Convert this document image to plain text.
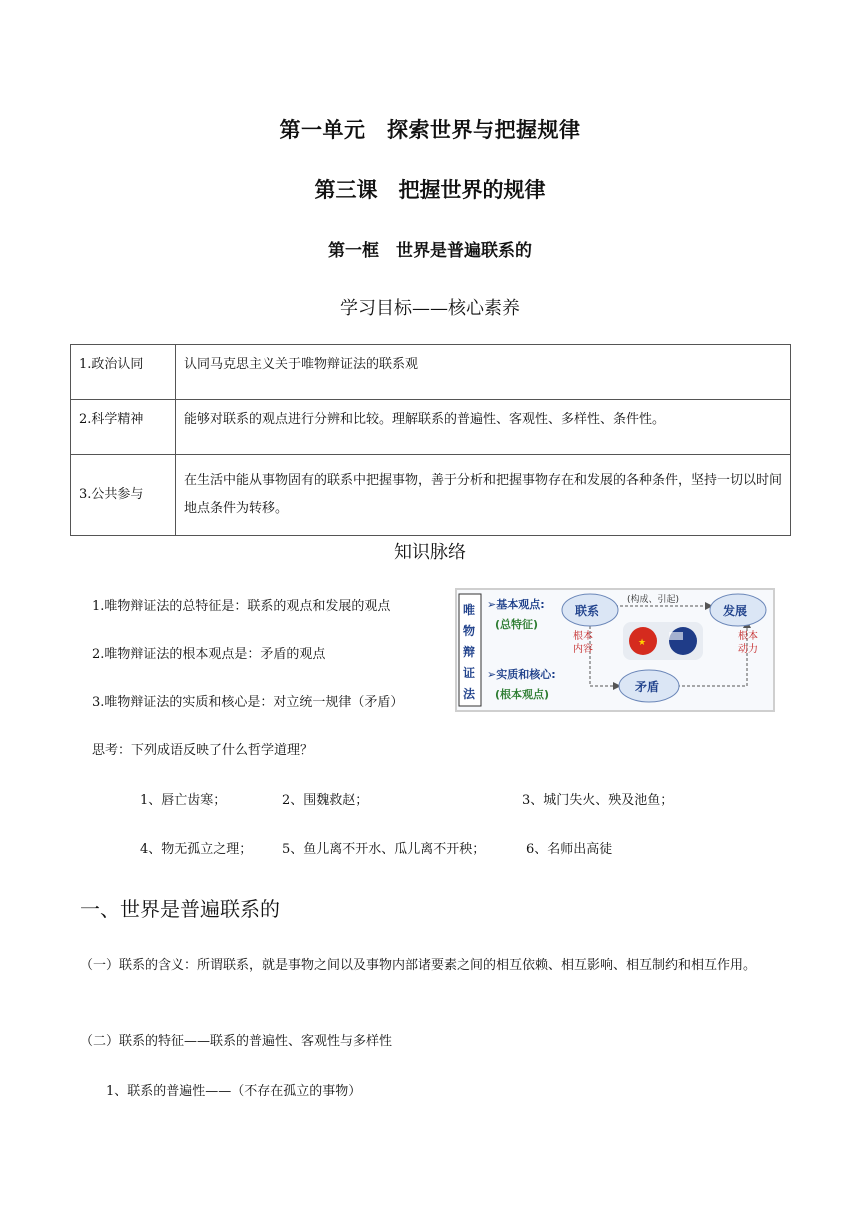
第一单元　探索世界与把握规律
第三课　把握世界的规律
第一框　世界是普遍联系的
学习目标——核心素养
1.政治认同	认同马克思主义关于唯物辩证法的联系观
2.科学精神	能够对联系的观点进行分辨和比较。理解联系的普遍性、客观性、多样性、条件性。
3.公共参与	在生活中能从事物固有的联系中把握事物，善于分析和把握事物存在和发展的各种条件，坚持一切以时间地点条件为转移。
知识脉络
1.唯物辩证法的总特征是：联系的观点和发展的观点
2.唯物辩证法的根本观点是：矛盾的观点
3.唯物辩证法的实质和核心是：对立统一规律（矛盾）
★
唯物辩证法
➢基本观点:
(总特征)
➢实质和核心:
(根本观点)
联系	发展
矛盾
(构成、引起)
根本内容
根本动力
思考：下列成语反映了什么哲学道理？
1、唇亡齿寒；	2、围魏救赵；	3、城门失火、殃及池鱼；
4、物无孤立之理； 5、鱼儿离不开水、瓜儿离不开秧；	6、名师出高徒
一、世界是普遍联系的
（一）联系的含义：所谓联系，就是事物之间以及事物内部诸要素之间的相互依赖、相互影响、相互制约和相互作用。
（二）联系的特征——联系的普遍性、客观性与多样性
1、联系的普遍性——（不存在孤立的事物）
